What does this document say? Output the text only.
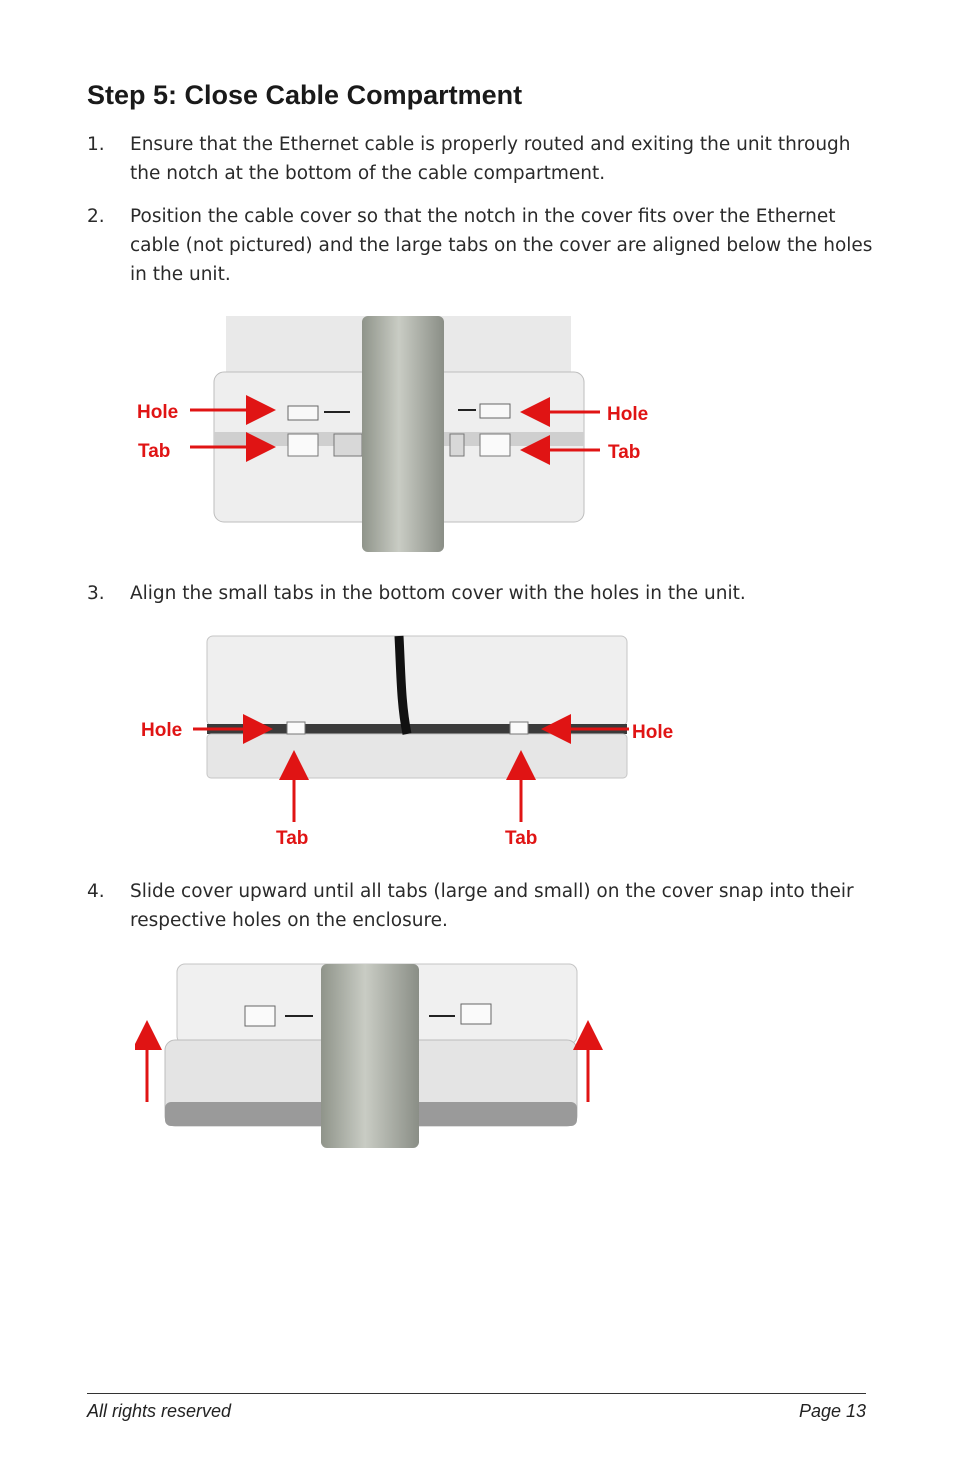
Step 5: Close Cable Compartment
1.	Ensure that the Ethernet cable is properly routed and exiting the unit through the notch at the bottom of the cable compartment.
2.	Position the cable cover so that the notch in the cover fits over the Ethernet cable (not pictured) and the large tabs on the cover are aligned below the holes in the unit.
Hole
Tab
Hole
Tab
3.	Align the small tabs in the bottom cover with the holes in the unit.
Hole	Hole
Tab	Tab
4.	Slide cover upward until all tabs (large and small) on the cover snap into their respective holes on the enclosure.
All rights reserved	Page 13
